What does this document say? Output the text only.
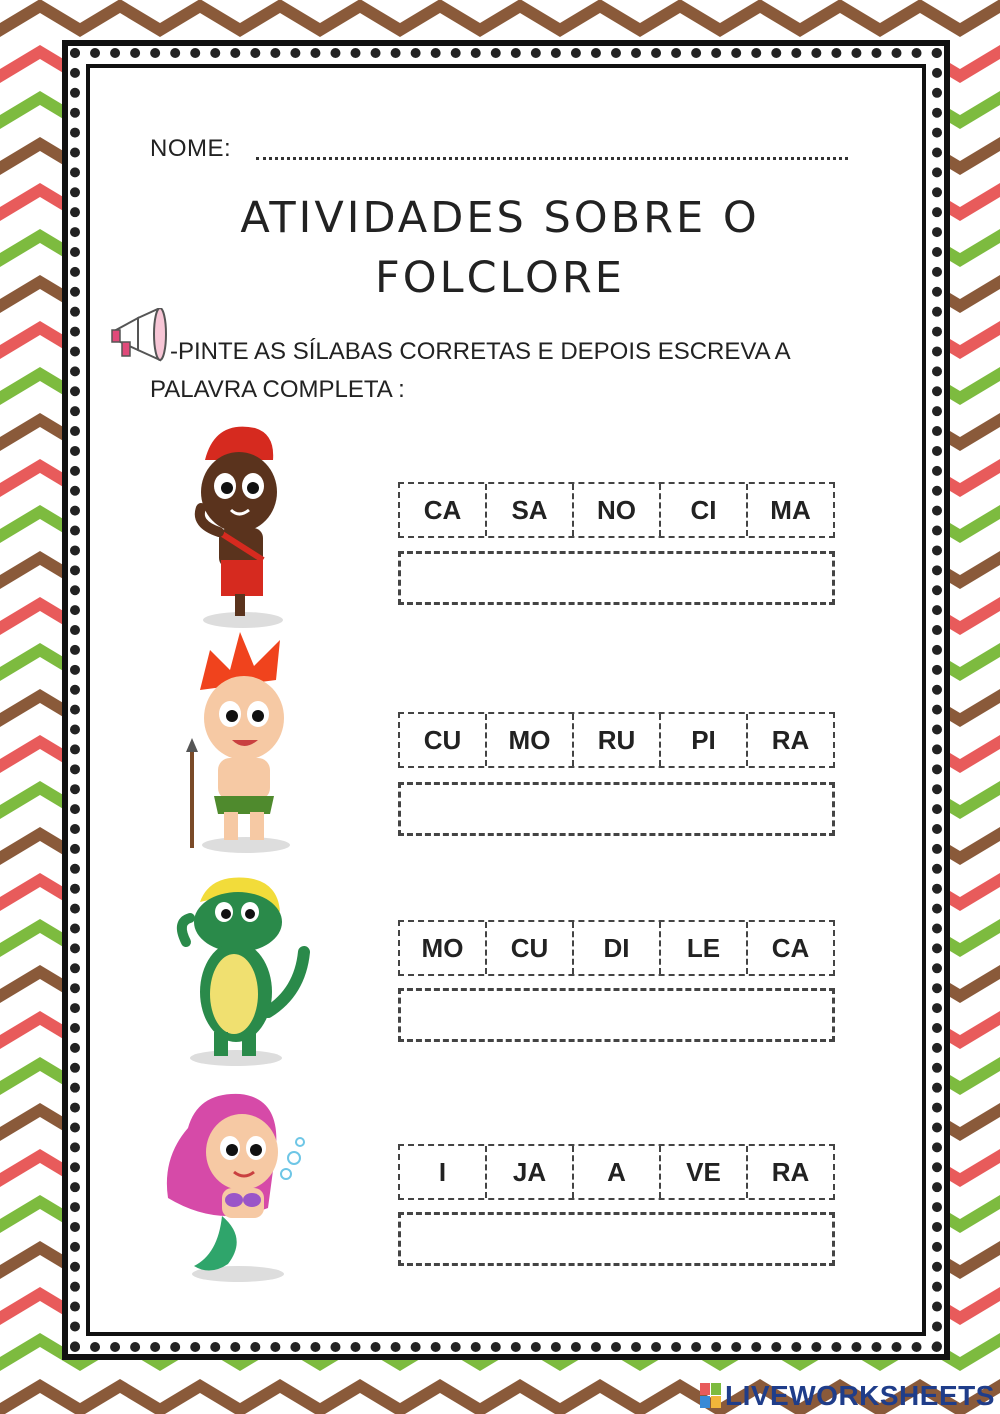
NOME:
ATIVIDADES SOBRE O
FOLCLORE
-PINTE AS SÍLABAS CORRETAS E DEPOIS ESCREVA A
PALAVRA COMPLETA :
CA	SA	NO	CI	MA
CU	MO	RU	PI	RA
MO	CU	DI	LE	CA
I	JA	A	VE	RA
LIVEWORKSHEETS
